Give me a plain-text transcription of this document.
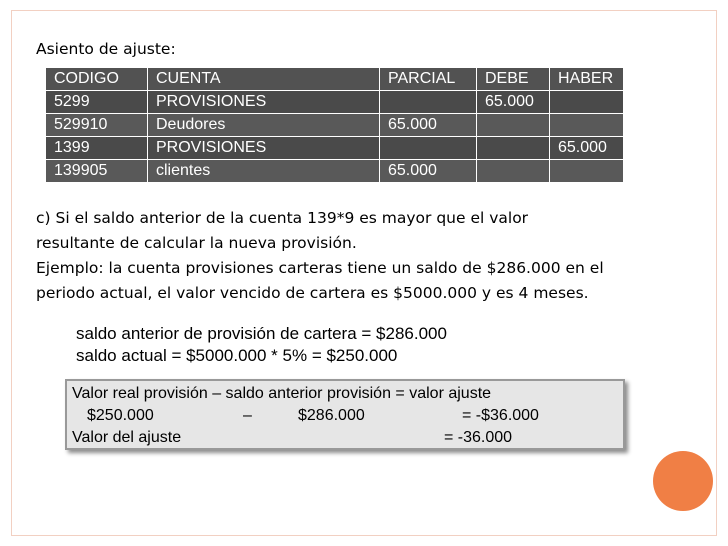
Asiento de ajuste:
CODIGO	CUENTA	PARCIAL	DEBE	HABER
5299	PROVISIONES		65.000	
529910	Deudores	65.000		
1399	PROVISIONES			65.000
139905	clientes	65.000		
c) Si el saldo anterior de la cuenta 139*9 es mayor que el valor
resultante de calcular la nueva provisión.
Ejemplo: la cuenta provisiones carteras tiene un saldo de $286.000 en el
periodo actual, el valor vencido de cartera es $5000.000 y es 4 meses.
saldo anterior de provisión de cartera = $286.000
saldo actual = $5000.000 * 5% = $250.000
Valor real provisión – saldo anterior provisión = valor ajuste
$250.000	–	$286.000	= -$36.000
Valor del ajuste	= -36.000
